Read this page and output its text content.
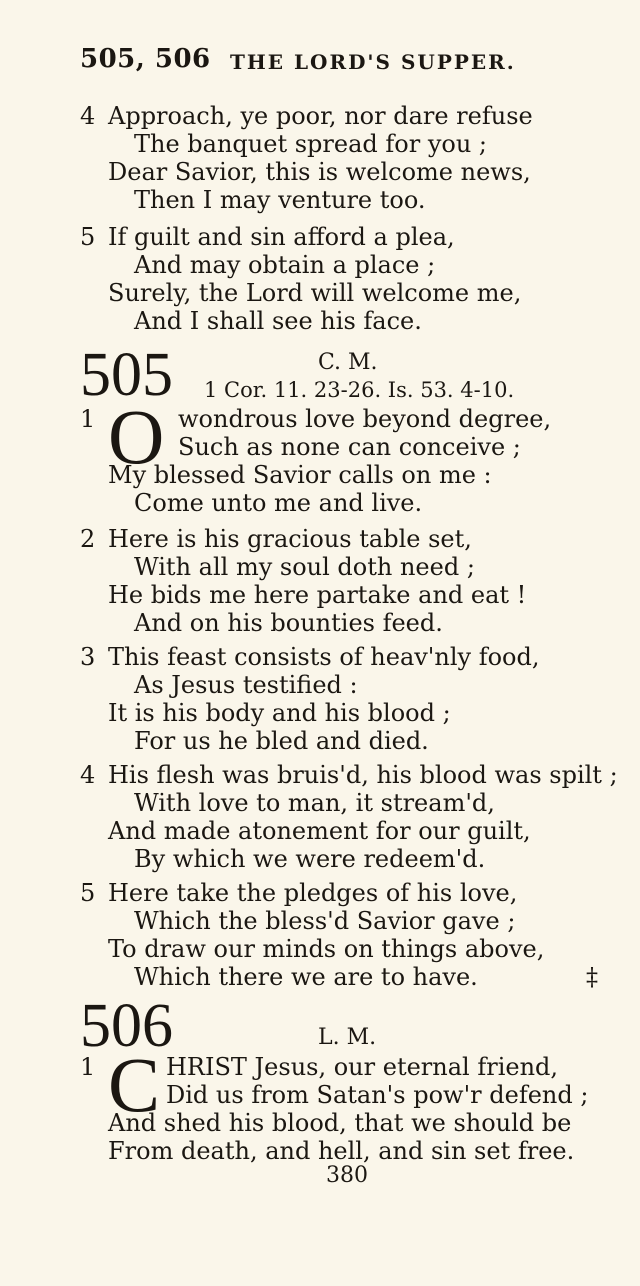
505, 506 THE LORD'S SUPPER.
4 Approach, ye poor, nor dare refuse
The banquet spread for you ;
Dear Savior, this is welcome news,
Then I may venture too.
5 If guilt and sin afford a plea,
And may obtain a place ;
Surely, the Lord will welcome me,
And I shall see his face.
505	C. M.
1 Cor. 11. 23-26. Is. 53. 4-10.
1 O wondrous love beyond degree,
Such as none can conceive ;
My blessed Savior calls on me :
Come unto me and live.
2 Here is his gracious table set,
With all my soul doth need ;
He bids me here partake and eat !
And on his bounties feed.
3 This feast consists of heav'nly food,
As Jesus testified :
It is his body and his blood ;
For us he bled and died.
4 His flesh was bruis'd, his blood was spilt ;
With love to man, it stream'd,
And made atonement for our guilt,
By which we were redeem'd.
5 Here take the pledges of his love,
Which the bless'd Savior gave ;
To draw our minds on things above,
Which there we are to have.	‡
506	L. M.
1 C HRIST Jesus, our eternal friend,
Did us from Satan's pow'r defend ;
And shed his blood, that we should be
From death, and hell, and sin set free.
380
